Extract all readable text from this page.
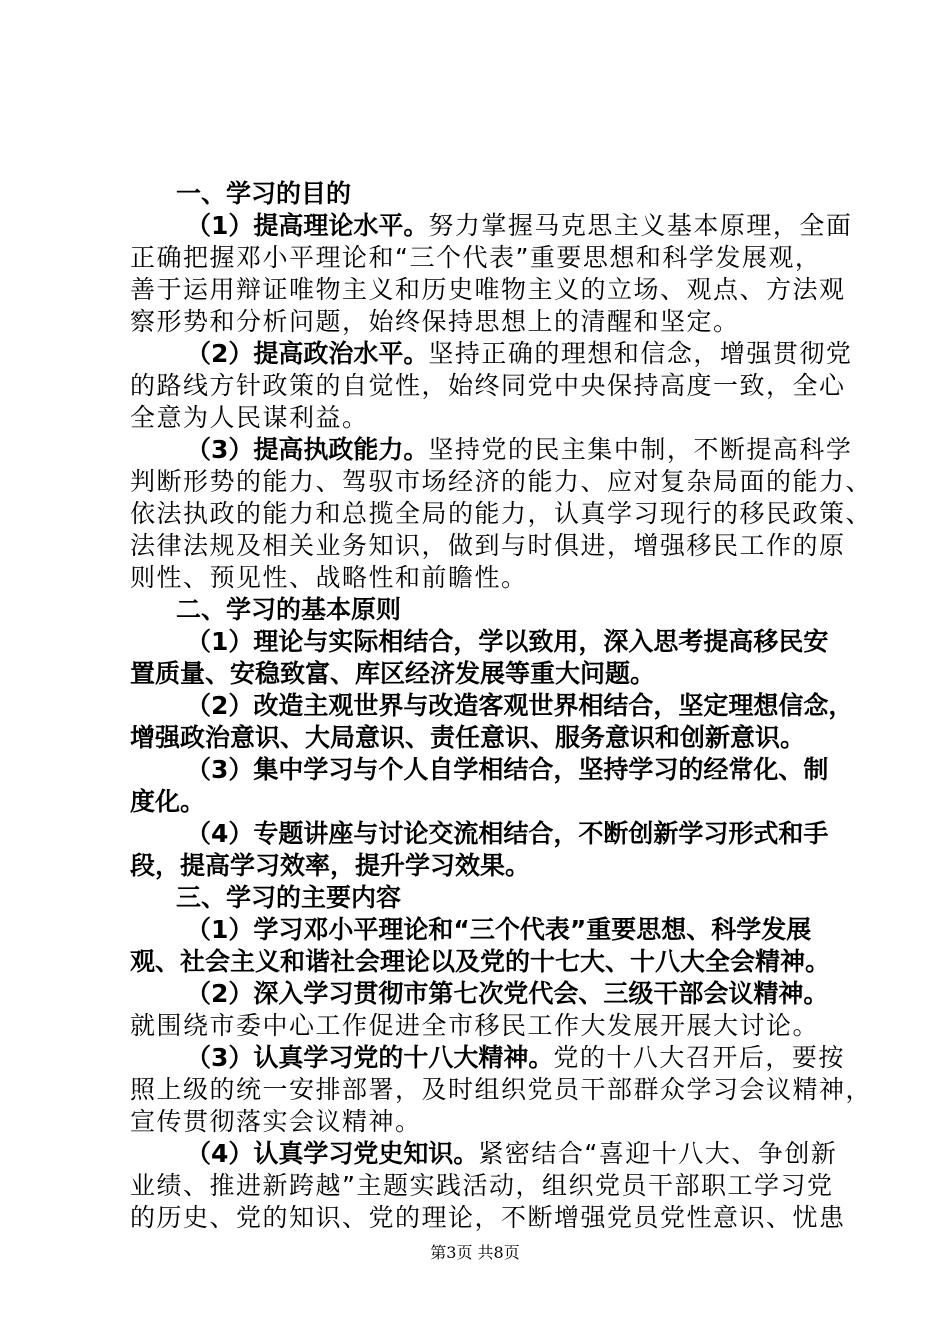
一、学习的目的
（1）提高理论水平。努力掌握马克思主义基本原理，全面
正确把握邓小平理论和“三个代表”重要思想和科学发展观，
善于运用辩证唯物主义和历史唯物主义的立场、观点、方法观
察形势和分析问题，始终保持思想上的清醒和坚定。
（2）提高政治水平。坚持正确的理想和信念，增强贯彻党
的路线方针政策的自觉性，始终同党中央保持高度一致，全心
全意为人民谋利益。
（3）提高执政能力。坚持党的民主集中制，不断提高科学
判断形势的能力、驾驭市场经济的能力、应对复杂局面的能力、
依法执政的能力和总揽全局的能力，认真学习现行的移民政策、
法律法规及相关业务知识，做到与时俱进，增强移民工作的原
则性、预见性、战略性和前瞻性。
二、学习的基本原则
（1）理论与实际相结合，学以致用，深入思考提高移民安
置质量、安稳致富、库区经济发展等重大问题。
（2）改造主观世界与改造客观世界相结合，坚定理想信念，
增强政治意识、大局意识、责任意识、服务意识和创新意识。
（3）集中学习与个人自学相结合，坚持学习的经常化、制
度化。
（4）专题讲座与讨论交流相结合，不断创新学习形式和手
段，提高学习效率，提升学习效果。
三、学习的主要内容
（1）学习邓小平理论和“三个代表”重要思想、科学发展
观、社会主义和谐社会理论以及党的十七大、十八大全会精神。
（2）深入学习贯彻市第七次党代会、三级干部会议精神。
就围绕市委中心工作促进全市移民工作大发展开展大讨论。
（3）认真学习党的十八大精神。党的十八大召开后，要按
照上级的统一安排部署，及时组织党员干部群众学习会议精神，
宣传贯彻落实会议精神。
（4）认真学习党史知识。紧密结合“喜迎十八大、争创新
业绩、推进新跨越”主题实践活动，组织党员干部职工学习党
的历史、党的知识、党的理论，不断增强党员党性意识、忧患
第3页 共8页
